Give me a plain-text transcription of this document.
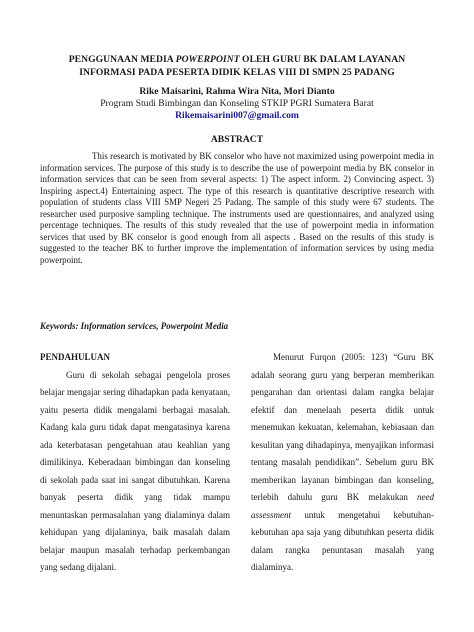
PENGGUNAAN MEDIA POWERPOINT OLEH GURU BK DALAM LAYANAN
INFORMASI PADA PESERTA DIDIK KELAS VIII DI SMPN 25 PADANG
Rike Maisarini, Rahma Wira Nita, Mori Dianto
Program Studi Bimbingan dan Konseling STKIP PGRI Sumatera Barat
Rikemaisarini007@gmail.com
ABSTRACT
This research is motivated by BK conselor who have not maximized using powerpoint media in information services. The purpose of this study is to describe the use of powerpoint media by BK conselor in information services that can be seen from several aspects: 1) The aspect inform. 2) Convincing aspect. 3) Inspiring aspect.4) Entertaining aspect. The type of this research is quantitative descriptive research with population of students class VIII SMP Negeri 25 Padang. The sample of this study were 67 students. The researcher used purposive sampling technique. The instruments used are questionnaires, and analyzed using percentage techniques. The results of this study revealed that the use of powerpoint media in information services that used by BK conselor is good enough from all aspects . Based on the results of this study is suggested to the teacher BK to further improve the implementation of information services by using media powerpoint.
Keywords: Information services, Powerpoint Media
PENDAHULUAN

Guru di sekolah sebagai pengelola proses belajar mengajar sering dihadapkan pada kenyataan, yaitu peserta didik mengalami berbagai masalah. Kadang kala guru tidak dapat mengatasinya karena ada keterbatasan pengetahuan atau keahlian yang dimilikinya. Keberadaan bimbingan dan konseling di sekolah pada saat ini sangat dibutuhkan. Karena banyak peserta didik yang tidak mampu menuntaskan permasalahan yang dialaminya dalam kehidupan yang dijalaninya, baik masalah dalam belajar maupun masalah terhadap perkembangan yang sedang dijalani.

Menurut Furqon (2005: 123) “Guru BK adalah seorang guru yang berperan memberikan pengarahan dan orientasi dalam rangka belajar efektif dan menelaah peserta didik untuk menemukan kekuatan, kelemahan, kebiasaan dan kesulitan yang dihadapinya, menyajikan informasi tentang masalah pendidikan”. Sebelum guru BK memberikan layanan bimbingan dan konseling, terlebih dahulu guru BK melakukan need assessment untuk mengetahui kebutuhan-kebutuhan apa saja yang dibutuhkan peserta didik dalam rangka penuntasan masalah yang dialaminya.
